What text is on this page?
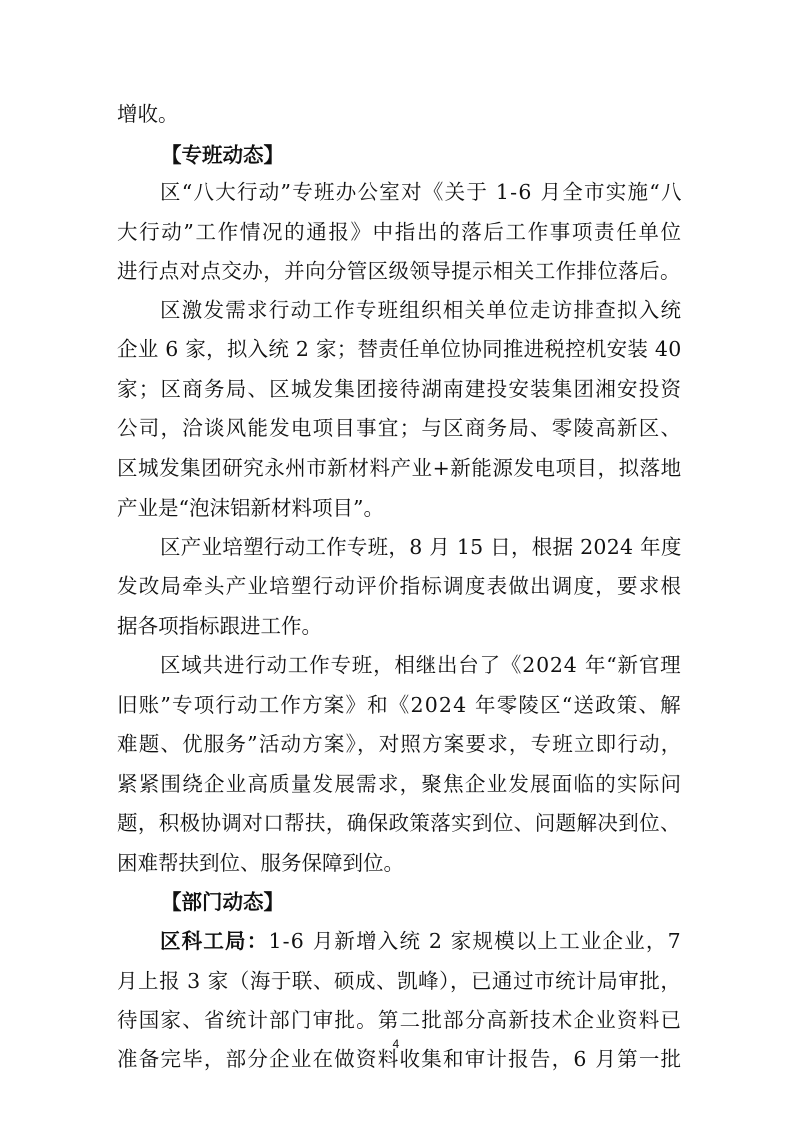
增收。
【专班动态】
区“八大行动”专班办公室对《关于 1-6 月全市实施“八
大行动”工作情况的通报》中指出的落后工作事项责任单位
进行点对点交办，并向分管区级领导提示相关工作排位落后。
区激发需求行动工作专班组织相关单位走访排查拟入统
企业 6 家，拟入统 2 家；替责任单位协同推进税控机安装 40
家；区商务局、区城发集团接待湖南建投安装集团湘安投资
公司，洽谈风能发电项目事宜；与区商务局、零陵高新区、
区城发集团研究永州市新材料产业+新能源发电项目，拟落地
产业是“泡沫铝新材料项目”。
区产业培塑行动工作专班，8 月 15 日，根据 2024 年度
发改局牵头产业培塑行动评价指标调度表做出调度，要求根
据各项指标跟进工作。
区域共进行动工作专班，相继出台了《2024 年“新官理
旧账”专项行动工作方案》和《2024 年零陵区“送政策、解
难题、优服务”活动方案》，对照方案要求，专班立即行动，
紧紧围绕企业高质量发展需求，聚焦企业发展面临的实际问
题，积极协调对口帮扶，确保政策落实到位、问题解决到位、
困难帮扶到位、服务保障到位。
【部门动态】
区科工局：1-6 月新增入统 2 家规模以上工业企业，7
月上报 3 家（海于联、硕成、凯峰），已通过市统计局审批，
待国家、省统计部门审批。第二批部分高新技术企业资料已
准备完毕，部分企业在做资料收集和审计报告，6 月第一批
4
